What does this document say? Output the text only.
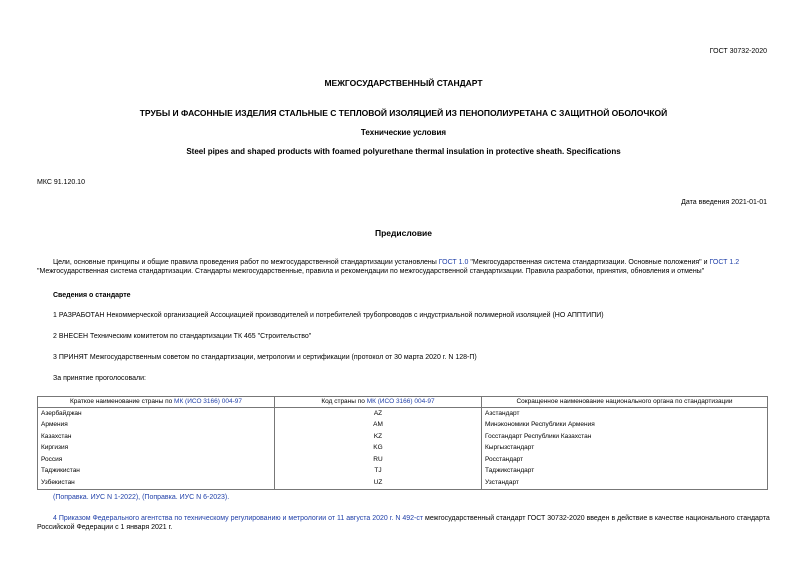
ГОСТ 30732-2020
МЕЖГОСУДАРСТВЕННЫЙ СТАНДАРТ
ТРУБЫ И ФАСОННЫЕ ИЗДЕЛИЯ СТАЛЬНЫЕ С ТЕПЛОВОЙ ИЗОЛЯЦИЕЙ ИЗ ПЕНОПОЛИУРЕТАНА С ЗАЩИТНОЙ ОБОЛОЧКОЙ
Технические условия
Steel pipes and shaped products with foamed polyurethane thermal insulation in protective sheath. Specifications
МКС 91.120.10
Дата введения 2021-01-01
Предисловие
Цели, основные принципы и общие правила проведения работ по межгосударственной стандартизации установлены ГОСТ 1.0 "Межгосударственная система стандартизации. Основные положения" и ГОСТ 1.2 "Межгосударственная система стандартизации. Стандарты межгосударственные, правила и рекомендации по межгосударственной стандартизации. Правила разработки, принятия, обновления и отмены"
Сведения о стандарте
1 РАЗРАБОТАН Некоммерческой организацией Ассоциацией производителей и потребителей трубопроводов с индустриальной полимерной изоляцией (НО АППТИПИ)
2 ВНЕСЕН Техническим комитетом по стандартизации ТК 465 "Строительство"
3 ПРИНЯТ Межгосударственным советом по стандартизации, метрологии и сертификации (протокол от 30 марта 2020 г. N 128-П)
За принятие проголосовали:
Краткое наименование страны по МК (ИСО 3166) 004-97	Код страны по МК (ИСО 3166) 004-97	Сокращенное наименование национального органа по стандартизации
Азербайджан	AZ	Азстандарт
Армения	AM	Минэкономики Республики Армения
Казахстан	KZ	Госстандарт Республики Казахстан
Киргизия	KG	Кыргызстандарт
Россия	RU	Росстандарт
Таджикистан	TJ	Таджикстандарт
Узбекистан	UZ	Узстандарт
(Поправка. ИУС N 1-2022), (Поправка. ИУС N 6-2023).
4 Приказом Федерального агентства по техническому регулированию и метрологии от 11 августа 2020 г. N 492-ст межгосударственный стандарт ГОСТ 30732-2020 введен в действие в качестве национального стандарта Российской Федерации с 1 января 2021 г.
